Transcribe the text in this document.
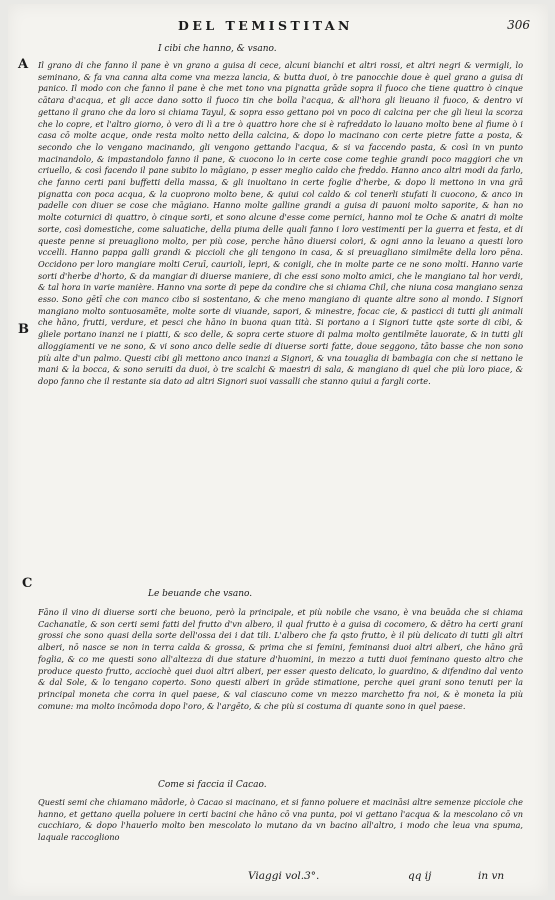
DEL TEMISTITAN	306
I cibi che hanno, & vsano.
A Il grano di che fanno il pane è vn grano a guisa di cece, alcuni bianchi et altri rossi, et altri negri & vermigli, lo seminano, & fa vna canna alta come vna mezza lancia, & butta duoi, ò tre panocchie doue è quel grano a guisa di panico. Il modo con che fanno il pane è che met tono vna pignatta grāde sopra il fuoco che tiene quattro ò cinque cātara d'acqua, et gli acce dano sotto il fuoco tin che bolla l'acqua, & all'hora gli lieuano il fuoco, & dentro vi gettano il grano che da loro si chiama Tayul, & sopra esso gettano poi vn poco di calcina per che gli lieui la scorza che lo copre, et l'altro giorno, ò vero di lì a tre ò quattro hore che si è rafreddato lo lauano molto bene al fiume ò i casa cō molte acque, onde resta molto netto della calcina, & dopo lo macinano con certe pietre fatte a posta, & secondo che lo vengano macinando, gli vengono gettando l'acqua, & si va faccendo pasta, & così in vn punto macinandolo, & impastandolo fanno il pane, & cuocono lo in certe cose come teghie grandi poco maggiori che vn criuello, & così facendo il pane subito lo māgiano, p esser meglio caldo che freddo. Hanno anco altri modi da farlo, che fanno certi pani buffetti della massa, & gli inuoltano in certe foglie d'herbe, & dopo li mettono in vna grā pignatta con poca acqua, & la cuoprono molto bene, & quiui col caldo & col tenerli stufati li cuocono, & anco in padelle con diuer se cose che māgiano. Hanno molte galline grandi a guisa di pauoni molto saporite, & han no molte coturnici di quattro, ò cinque sorti, et sono alcune d'esse come pernici, hanno mol te Oche & anatri di molte sorte, così domestiche, come saluatiche, della piuma delle quali fanno i loro vestimenti per la guerra et festa, et di queste penne si preuagliono molto, per più cose, perche hāno diuersi colori, & ogni anno la leuano a questi loro vccelli. Hanno pappa galli grandi & piccioli che gli tengono in casa, & si preuagliano similmēte della loro pēna. Occidono per loro mangiare molti Ceruī, caurioli, lepri, & conigli, che in molte parte ce ne sono molti. Hanno varie sorti d'herbe d'horto, & da mangiar di diuerse maniere, di che essi sono molto amici, che le mangiano tal hor verdi, & tal hora in varie manière. Hanno vna sorte di pepe da condire che si chiama Chil, che niuna cosa mangiano senza esso. Sono gētī che con manco cibo si sostentano, & che meno mangiano di quante altre sono al mondo. I Signori mangiano molto sontuosamēte, molte sorte di viuande, sapori, & minestre, focac cie, & pasticci di tutti gli animali che hāno, frutti, verdure, et pesci che hāno in buona quan tità. Si portano a i Signori tutte qste sorte di cibi, & gliele portano inanzi ne i piatti, & sco delle, & sopra certe stuore di palma molto gentilmēte lauorate, & in tutti gli alloggiamenti ve ne sono, & vi sono anco delle sedie di diuerse sorti fatte, doue seggono, tāto basse che non sono più alte d'un palmo. Questi cibi gli mettono anco inanzi a Signori, & vna touaglia di bambagia con che si nettano le mani & la bocca, & sono seruiti da duoi, ò tre scalchi & maestri di sala, & mangiano di quel che più loro piace, & dopo fanno che il restante sia dato ad altri Signori suoi vassalli che stanno quiui a fargli corte.
B
C
Le beuande che vsano.
Fāno il vino di diuerse sorti che beuono, però la principale, et più nobile che vsano, è vna beuāda che si chiama Cachanatle, & son certi semi fatti del frutto d'vn albero, il qual frutto è a guisa di cocomero, & dētro ha certi grani grossi che sono quasi della sorte dell'ossa dei i dat tili. L'albero che fa qsto frutto, è il più delicato di tutti gli altri alberi, nō nasce se non in terra calda & grossa, & prima che si femini, feminansi duoi altri alberi, che hāno grā foglia, & co me questi sono all'altezza di due stature d'huomini, in mezzo a tutti duoi feminano questo altro che produce questo frutto, acciochè quei duoi altri alberi, per esser questo delicato, lo guardino, & difendino dal vento & dal Sole, & lo tengano coperto. Sono questi alberi in grāde stimatione, perche quei grani sono tenuti per la principal moneta che corra in quel paese, & val ciascuno come vn mezzo marchetto fra noi, & è moneta la più comune: ma molto incōmoda dopo l'oro, & l'argēto, & che più si costuma di quante sono in quel paese.
Come si faccia il Cacao.
Questi semi che chiamano mādorle, ò Cacao si macinano, et si fanno poluere et macināsi altre semenze picciole che hanno, et gettano quella poluere in certi bacini che hāno cō vna punta, poi vi gettano l'acqua & la mescolano cō vn cucchiaro, & dopo l'hauerlo molto ben mescolato lo mutano da vn bacino all'altro, i modo che leua vna spuma, laquale raccogliono
Viaggi vol.3°.	qq ij	in vn
